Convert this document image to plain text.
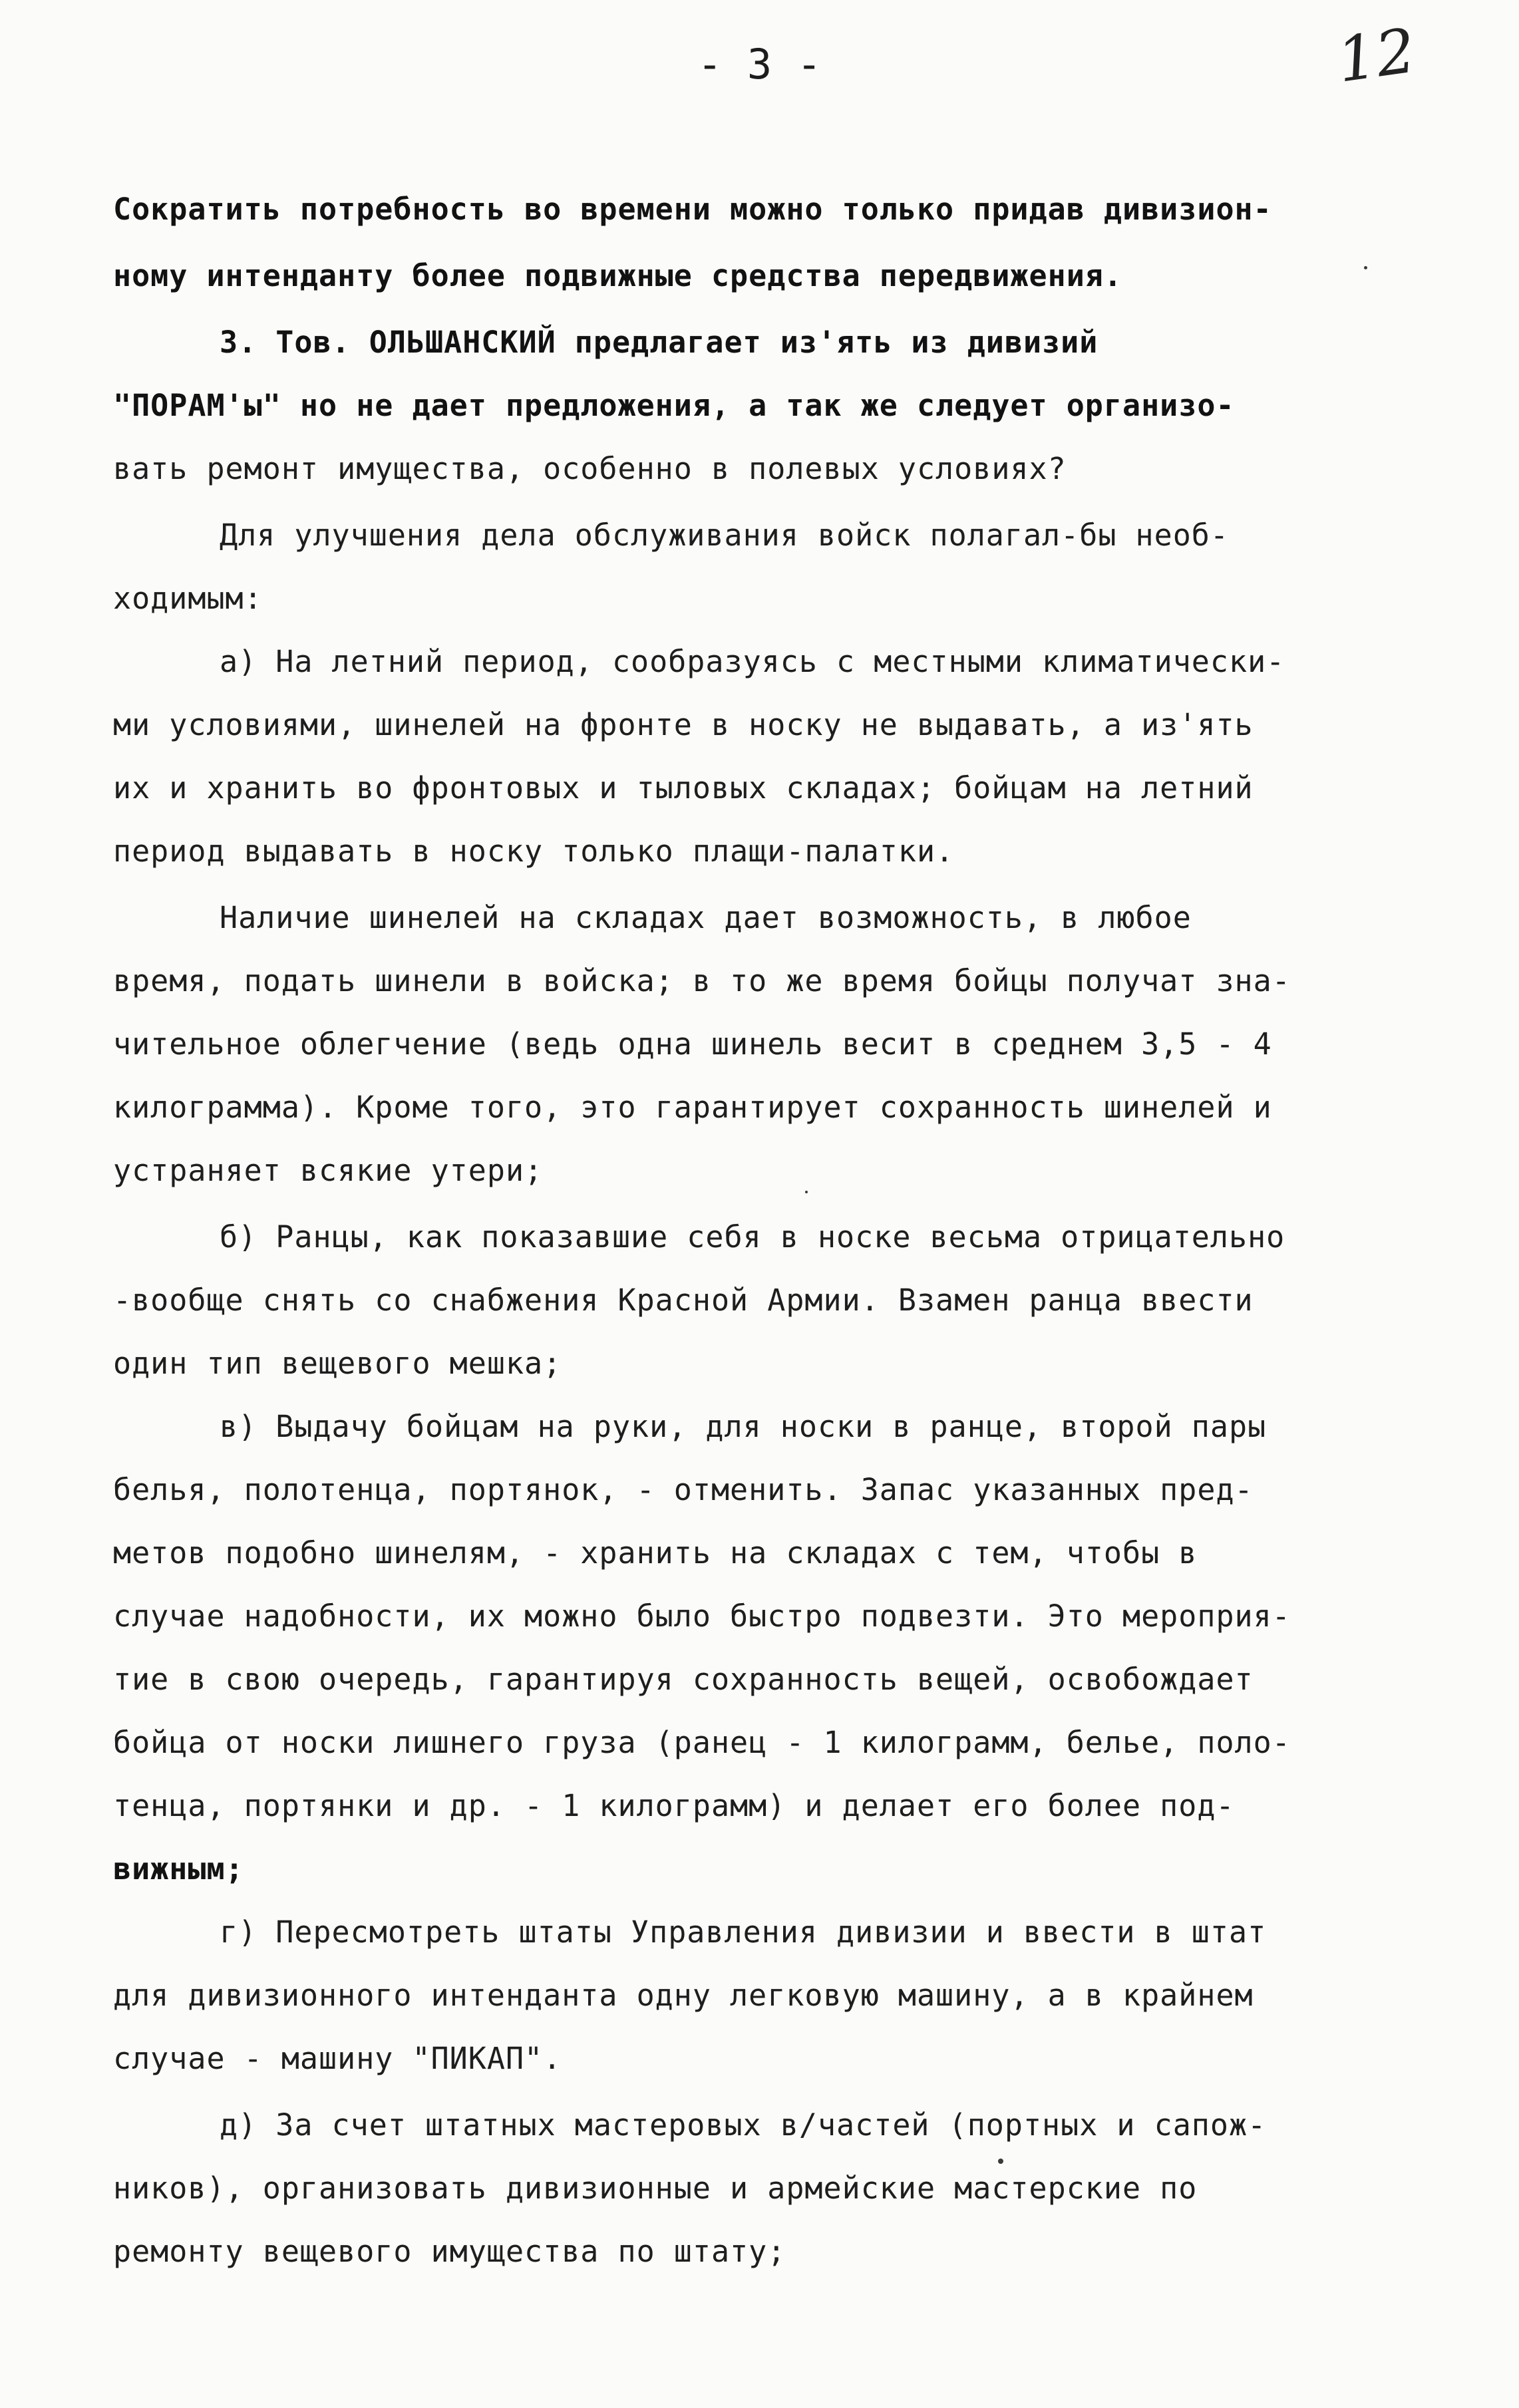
- 3 -	12

Сократить потребность во времени можно только придав дивизион-

ному интенданту более подвижные средства передвижения.

3. Тов. ОЛЬШАНСКИЙ предлагает из'ять из дивизий

"ПОРАМ'ы" но не дает предложения, а так же следует организо-

вать ремонт имущества, особенно в полевых условиях?

Для улучшения дела обслуживания войск полагал-бы необ-

ходимым:

а) На летний период, сообразуясь с местными климатически-

ми условиями, шинелей на фронте в носку не выдавать, а из'ять

их и хранить во фронтовых и тыловых складах; бойцам на летний

период выдавать в носку только плащи-палатки.

Наличие шинелей на складах дает возможность, в любое

время, подать шинели в войска; в то же время бойцы получат зна-

чительное облегчение (ведь одна шинель весит в среднем 3,5 - 4

килограмма). Кроме того, это гарантирует сохранность шинелей и

устраняет всякие утери;

б) Ранцы, как показавшие себя в носке весьма отрицательно

-вообще снять со снабжения Красной Армии. Взамен ранца ввести

один тип вещевого мешка;

в) Выдачу бойцам на руки, для носки в ранце, второй пары

белья, полотенца, портянок, - отменить. Запас указанных пред-

метов подобно шинелям, - хранить на складах с тем, чтобы в

случае надобности, их можно было быстро подвезти. Это мероприя-

тие в свою очередь, гарантируя сохранность вещей, освобождает

бойца от носки лишнего груза (ранец - 1 килограмм, белье, поло-

тенца, портянки и др. - 1 килограмм) и делает его более под-

вижным;

г) Пересмотреть штаты Управления дивизии и ввести в штат

для дивизионного интенданта одну легковую машину, а в крайнем

случае - машину "ПИКАП".

д) За счет штатных мастеровых в/частей (портных и сапож-

ников), организовать дивизионные и армейские мастерские по

ремонту вещевого имущества по штату;
